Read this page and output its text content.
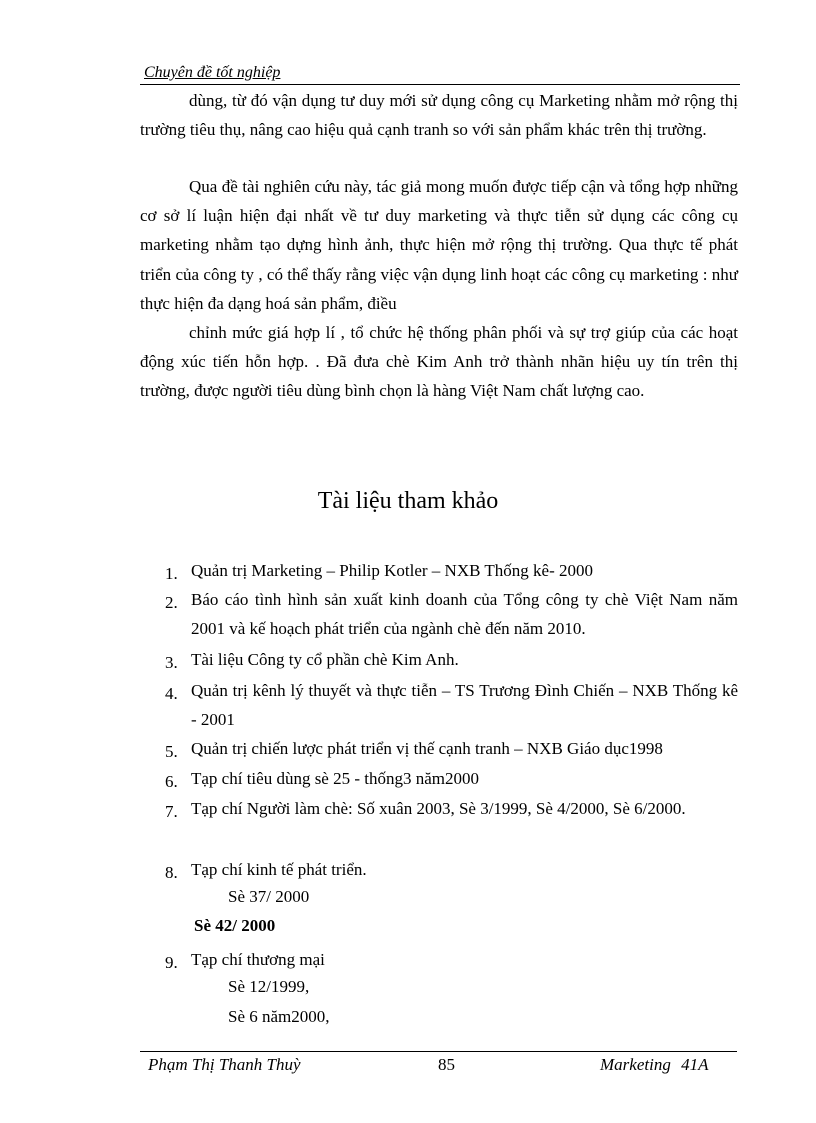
Chuyên đề tốt nghiệp

dùng, từ đó vận dụng tư duy mới sử dụng công cụ Marketing nhằm mở rộng thị trường tiêu thụ, nâng cao hiệu quả cạnh tranh so với sản phẩm khác trên thị trường.

Qua đề tài nghiên cứu này, tác giả mong muốn được tiếp cận và tổng hợp những cơ sở lí luận hiện đại nhất về tư duy marketing và thực tiễn sử dụng các công cụ marketing nhằm tạo dựng hình ảnh, thực hiện mở rộng thị trường. Qua thực tế phát triển của công ty , có thể thấy rằng việc vận dụng linh hoạt các công cụ marketing : như thực hiện đa dạng hoá sản phẩm, điều

chỉnh mức giá hợp lí , tổ chức hệ thống phân phối và sự trợ giúp của các hoạt động xúc tiến hỗn hợp. . Đã đưa chè Kim Anh trở thành nhãn hiệu uy tín trên thị trường, được người tiêu dùng bình chọn là hàng Việt Nam chất lượng cao.

Tài liệu tham khảo
1. Quản trị Marketing – Philip Kotler – NXB Thống kê- 2000
2. Báo cáo tình hình sản xuất kinh doanh của Tổng công ty chè Việt Nam năm 2001 và kế hoạch phát triển của ngành chè đến năm 2010.
3. Tài liệu Công ty cổ phần chè Kim Anh.
4. Quản trị kênh lý thuyết và thực tiễn – TS Trương Đình Chiến – NXB Thống kê - 2001
5. Quản trị chiến lược phát triển vị thế cạnh tranh – NXB Giáo dục1998
6. Tạp chí tiêu dùng sè 25 - thống3 năm2000
7. Tạp chí Người làm chè: Số xuân 2003, Sè 3/1999, Sè 4/2000, Sè 6/2000.
8. Tạp chí kinh tế phát triển.
Sè 37/ 2000
Sè 42/ 2000
9. Tạp chí thương mại
Sè 12/1999,
Sè 6 năm2000,
Phạm Thị Thanh Thuỳ	85	Marketing 41A
